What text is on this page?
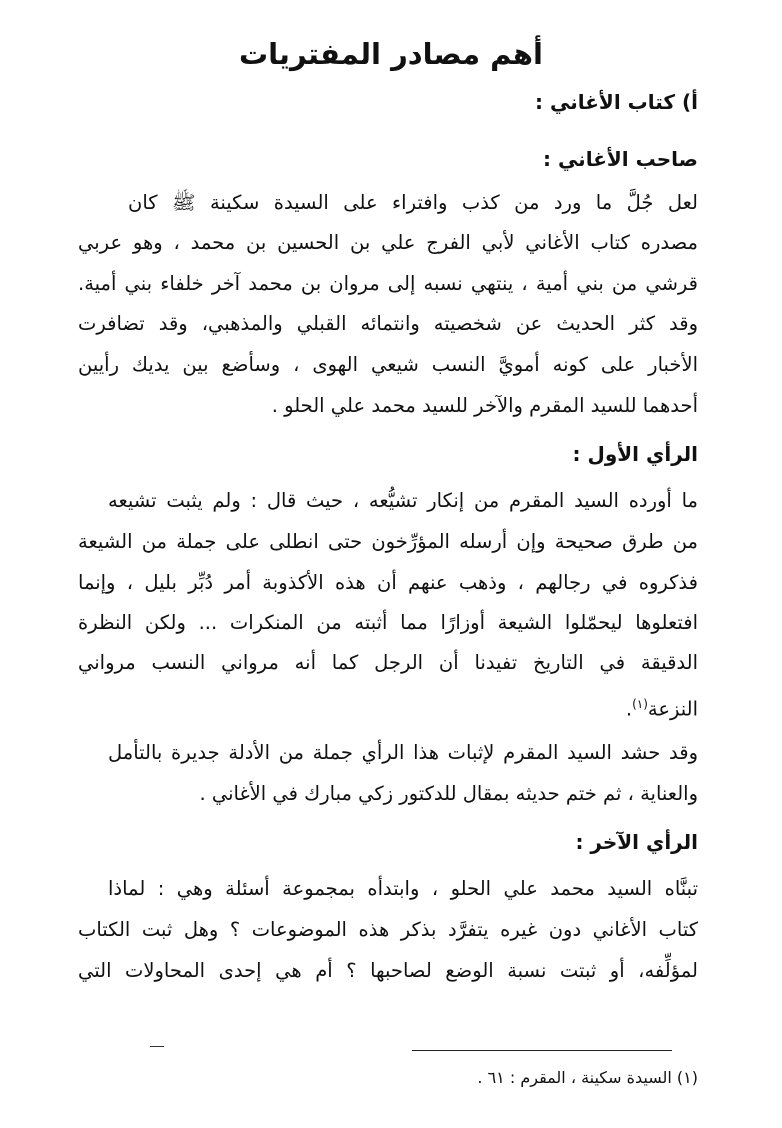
أهم مصادر المفتريات
أ) كتاب الأغاني :
صاحب الأغاني :
لعل جُلَّ ما ورد من كذب وافتراء على السيدة سكينة ﷺ كان
مصدره كتاب الأغاني لأبي الفرج علي بن الحسين بن محمد ، وهو عربي
قرشي من بني أمية ، ينتهي نسبه إلى مروان بن محمد آخر خلفاء بني أمية.
وقد كثر الحديث عن شخصيته وانتمائه القبلي والمذهبي، وقد تضافرت
الأخبار على كونه أمويَّ النسب شيعي الهوى ، وسأضع بين يديك رأيين
أحدهما للسيد المقرم والآخر للسيد محمد علي الحلو .
الرأي الأول :
ما أورده السيد المقرم من إنكار تشيُّعه ، حيث قال : ولم يثبت تشيعه
من طرق صحيحة وإن أرسله المؤرِّخون حتى انطلى على جملة من الشيعة
فذكروه في رجالهم ، وذهب عنهم أن هذه الأكذوبة أمر دُبِّر بليل ، وإنما
افتعلوها ليحمّلوا الشيعة أوزارًا مما أثبته من المنكرات ... ولكن النظرة
الدقيقة في التاريخ تفيدنا أن الرجل كما أنه مرواني النسب مرواني
النزعة$^{(١)}$.
وقد حشد السيد المقرم لإثبات هذا الرأي جملة من الأدلة جديرة بالتأمل
والعناية ، ثم ختم حديثه بمقال للدكتور زكي مبارك في الأغاني .
الرأي الآخر :
تبنَّاه السيد محمد علي الحلو ، وابتدأه بمجموعة أسئلة وهي : لماذا
كتاب الأغاني دون غيره يتفرَّد بذكر هذه الموضوعات ؟ وهل ثبت الكتاب
لمؤلِّفه، أو ثبتت نسبة الوضع لصاحبها ؟ أم هي إحدى المحاولات التي
(١) السيدة سكينة ، المقرم : ٦١ .
